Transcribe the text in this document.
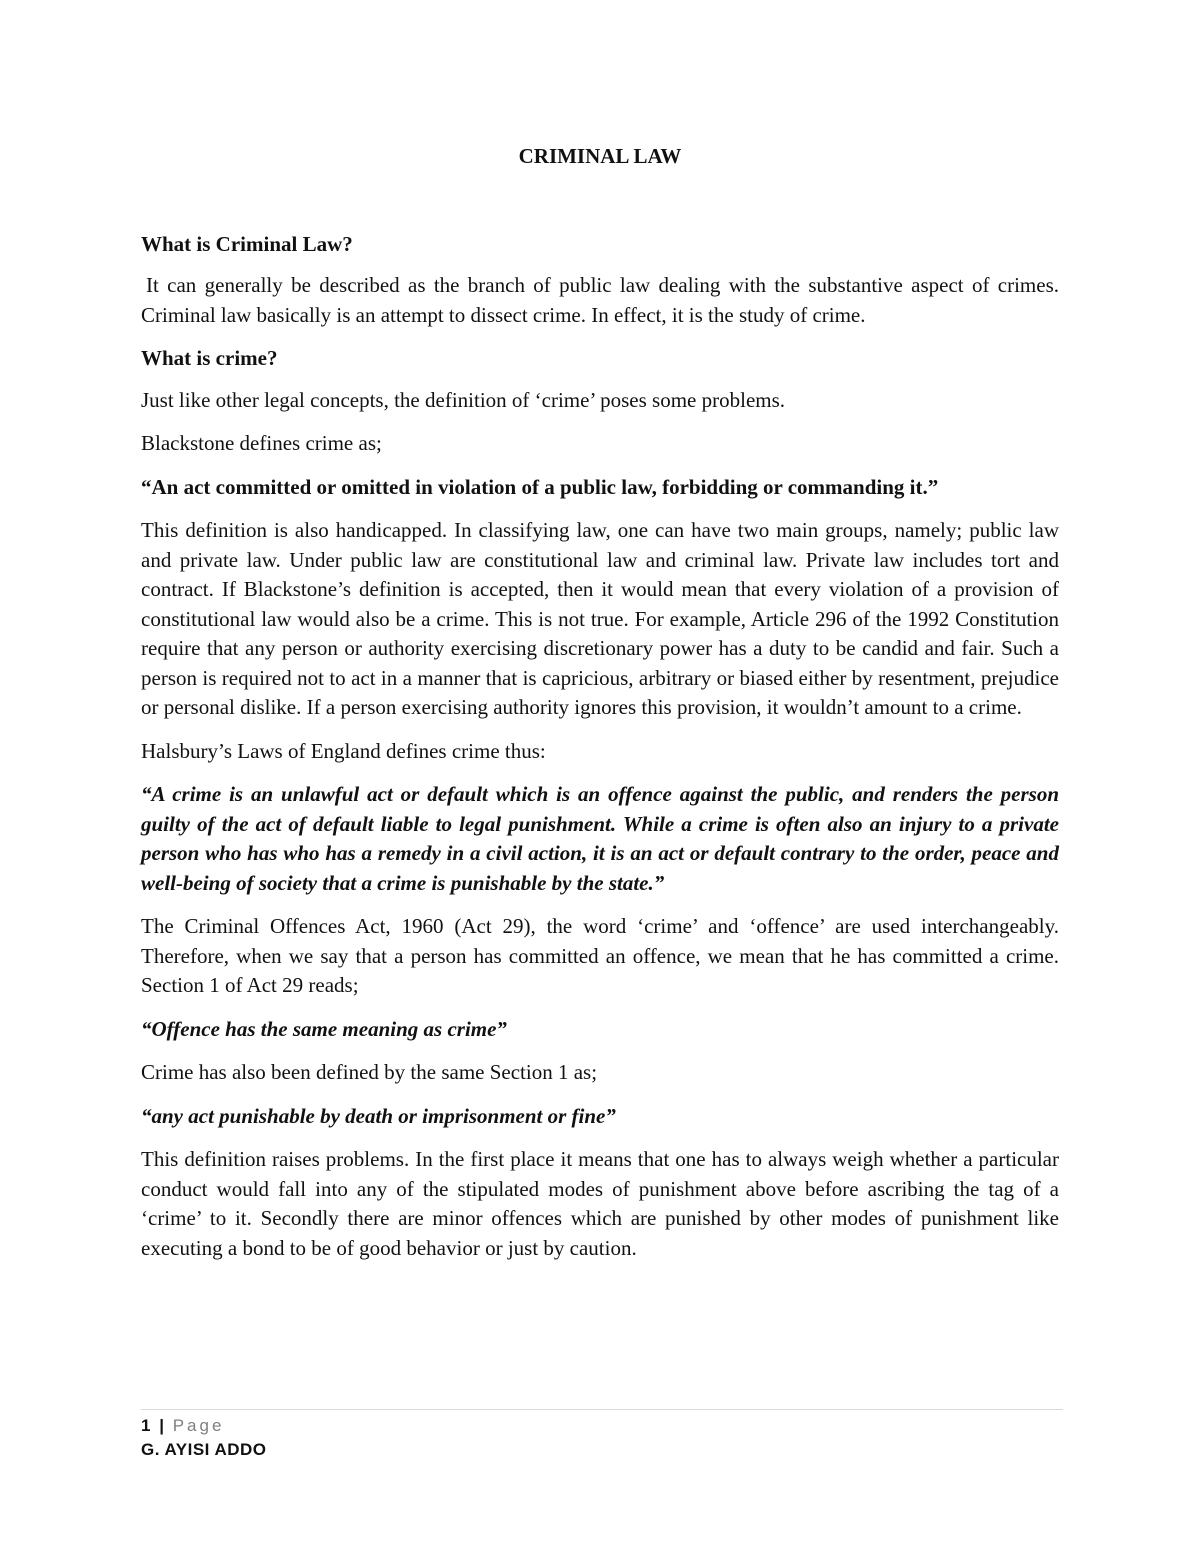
CRIMINAL LAW
What is Criminal Law?

It can generally be described as the branch of public law dealing with the substantive aspect of crimes. Criminal law basically is an attempt to dissect crime. In effect, it is the study of crime.

What is crime?

Just like other legal concepts, the definition of ‘crime’ poses some problems.

Blackstone defines crime as;

“An act committed or omitted in violation of a public law, forbidding or commanding it.”

This definition is also handicapped. In classifying law, one can have two main groups, namely; public law and private law. Under public law are constitutional law and criminal law. Private law includes tort and contract. If Blackstone’s definition is accepted, then it would mean that every violation of a provision of constitutional law would also be a crime. This is not true. For example, Article 296 of the 1992 Constitution require that any person or authority exercising discretionary power has a duty to be candid and fair. Such a person is required not to act in a manner that is capricious, arbitrary or biased either by resentment, prejudice or personal dislike. If a person exercising authority ignores this provision, it wouldn’t amount to a crime.

Halsbury’s Laws of England defines crime thus:

“A crime is an unlawful act or default which is an offence against the public, and renders the person guilty of the act of default liable to legal punishment. While a crime is often also an injury to a private person who has who has a remedy in a civil action, it is an act or default contrary to the order, peace and well-being of society that a crime is punishable by the state.”

The Criminal Offences Act, 1960 (Act 29), the word ‘crime’ and ‘offence’ are used interchangeably. Therefore, when we say that a person has committed an offence, we mean that he has committed a crime. Section 1 of Act 29 reads;

“Offence has the same meaning as crime”

Crime has also been defined by the same Section 1 as;

“any act punishable by death or imprisonment or fine”

This definition raises problems. In the first place it means that one has to always weigh whether a particular conduct would fall into any of the stipulated modes of punishment above before ascribing the tag of a ‘crime’ to it. Secondly there are minor offences which are punished by other modes of punishment like executing a bond to be of good behavior or just by caution.

1 | Page
G. AYISI ADDO
